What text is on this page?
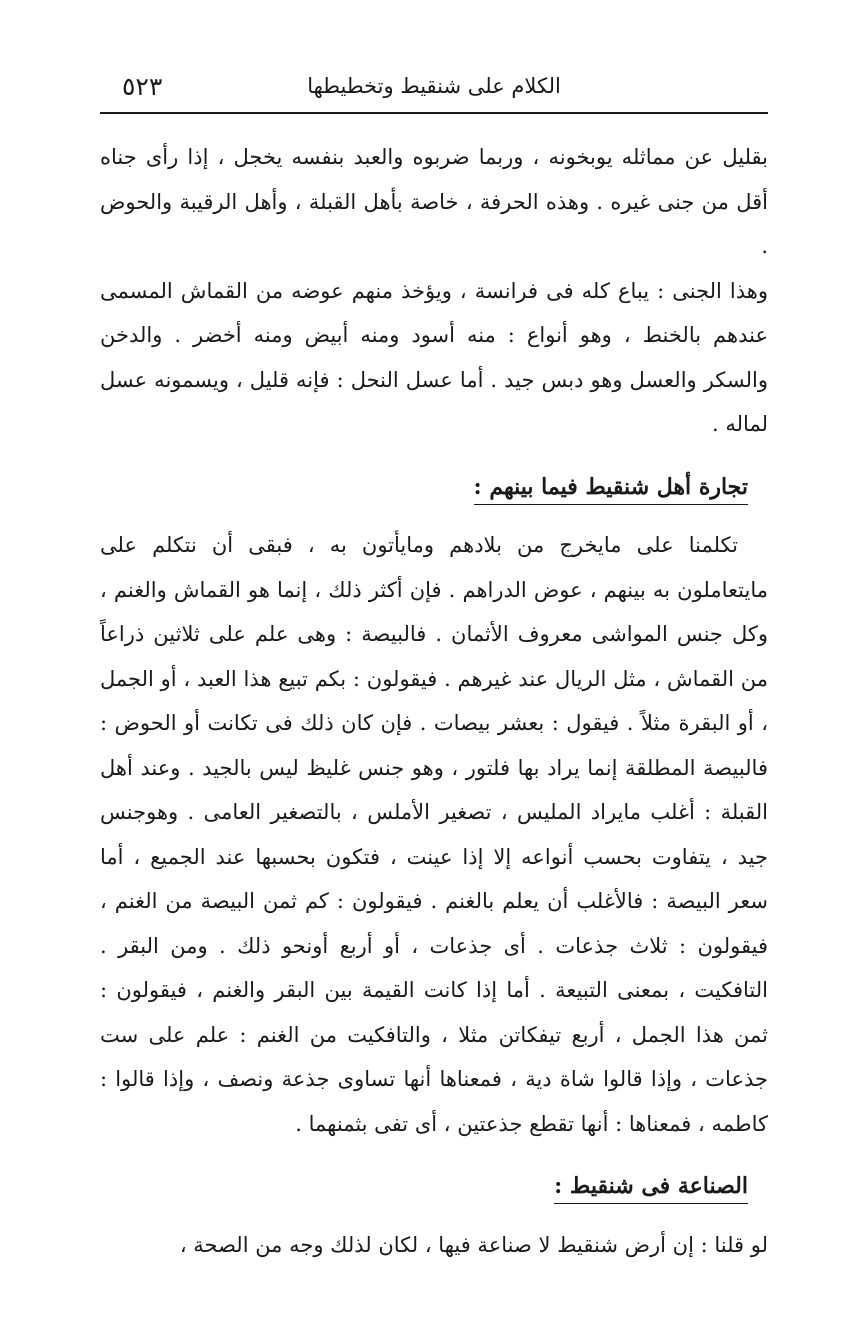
٥٢٣	الكلام على شنقيط وتخطيطها

بقليل عن مماثله يوبخونه ، وربما ضربوه والعبد بنفسه يخجل ، إذا رأى جناه أقل من جنى غيره . وهذه الحرفة ، خاصة بأهل القبلة ، وأهل الرقيبة والحوض .

وهذا الجنى : يباع كله فى فرانسة ، ويؤخذ منهم عوضه من القماش المسمى عندهم بالخنط ، وهو أنواع : منه أسود ومنه أبيض ومنه أخضر . والدخن والسكر والعسل وهو دبس جيد . أما عسل النحل : فإنه قليل ، ويسمونه عسل لماله .

تجارة أهل شنقيط فيما بينهم :

تكلمنا على مايخرج من بلادهم ومايأتون به ، فبقى أن نتكلم على مايتعاملون به بينهم ، عوض الدراهم . فإن أكثر ذلك ، إنما هو القماش والغنم ، وكل جنس المواشى معروف الأثمان . فالبيصة : وهى علم على ثلاثين ذراعاً من القماش ، مثل الريال عند غيرهم . فيقولون : بكم تبيع هذا العبد ، أو الجمل ، أو البقرة مثلاً . فيقول : بعشر بيصات . فإن كان ذلك فى تكانت أو الحوض : فالبيصة المطلقة إنما يراد بها فلتور ، وهو جنس غليظ ليس بالجيد . وعند أهل القبلة : أغلب مايراد المليس ، تصغير الأملس ، بالتصغير العامى . وهوجنس جيد ، يتفاوت بحسب أنواعه إلا إذا عينت ، فتكون بحسبها عند الجميع ، أما سعر البيصة : فالأغلب أن يعلم بالغنم . فيقولون : كم ثمن البيصة من الغنم ، فيقولون : ثلاث جذعات . أى جذعات ، أو أربع أونحو ذلك . ومن البقر . التافكيت ، بمعنى التبيعة . أما إذا كانت القيمة بين البقر والغنم ، فيقولون : ثمن هذا الجمل ، أربع تيفكاتن مثلا ، والتافكيت من الغنم : علم على ست جذعات ، وإذا قالوا شاة دية ، فمعناها أنها تساوى جذعة ونصف ، وإذا قالوا : كاطمه ، فمعناها : أنها تقطع جذعتين ، أى تفى بثمنهما .

الصناعة فى شنقيط :

لو قلنا : إن أرض شنقيط لا صناعة فيها ، لكان لذلك وجه من الصحة ،
